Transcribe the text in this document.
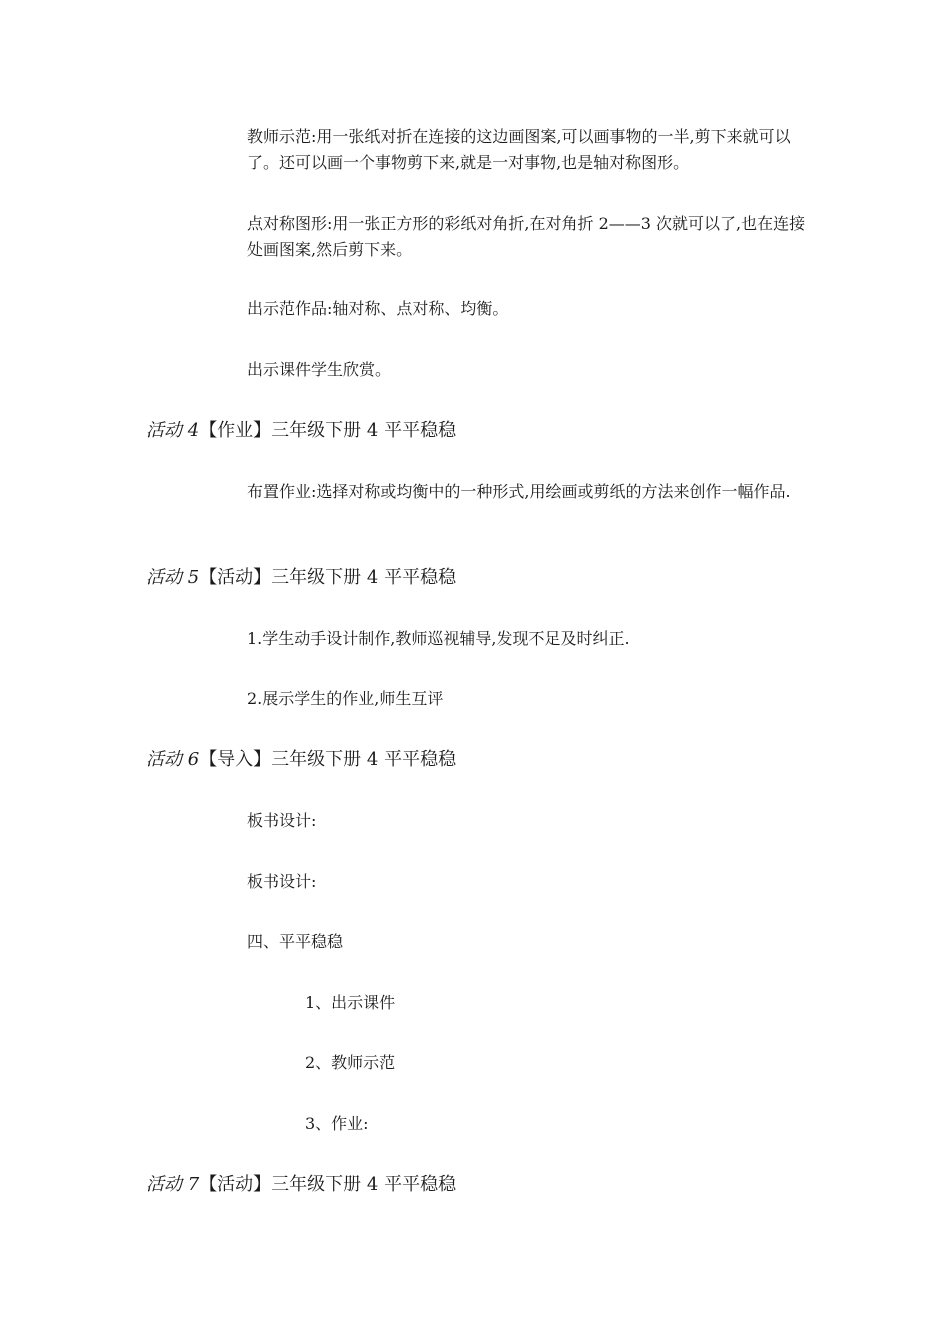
教师示范:用一张纸对折在连接的这边画图案,可以画事物的一半,剪下来就可以了。还可以画一个事物剪下来,就是一对事物,也是轴对称图形。
点对称图形:用一张正方形的彩纸对角折,在对角折 2——3 次就可以了,也在连接处画图案,然后剪下来。
出示范作品:轴对称、点对称、均衡。
出示课件学生欣赏。
活动 4【作业】三年级下册 4 平平稳稳
布置作业:选择对称或均衡中的一种形式,用绘画或剪纸的方法来创作一幅作品.
活动 5【活动】三年级下册 4 平平稳稳
1.学生动手设计制作,教师巡视辅导,发现不足及时纠正.
2.展示学生的作业,师生互评
活动 6【导入】三年级下册 4 平平稳稳
板书设计:
板书设计:
四、平平稳稳
1、出示课件
2、教师示范
3、作业:
活动 7【活动】三年级下册 4 平平稳稳
